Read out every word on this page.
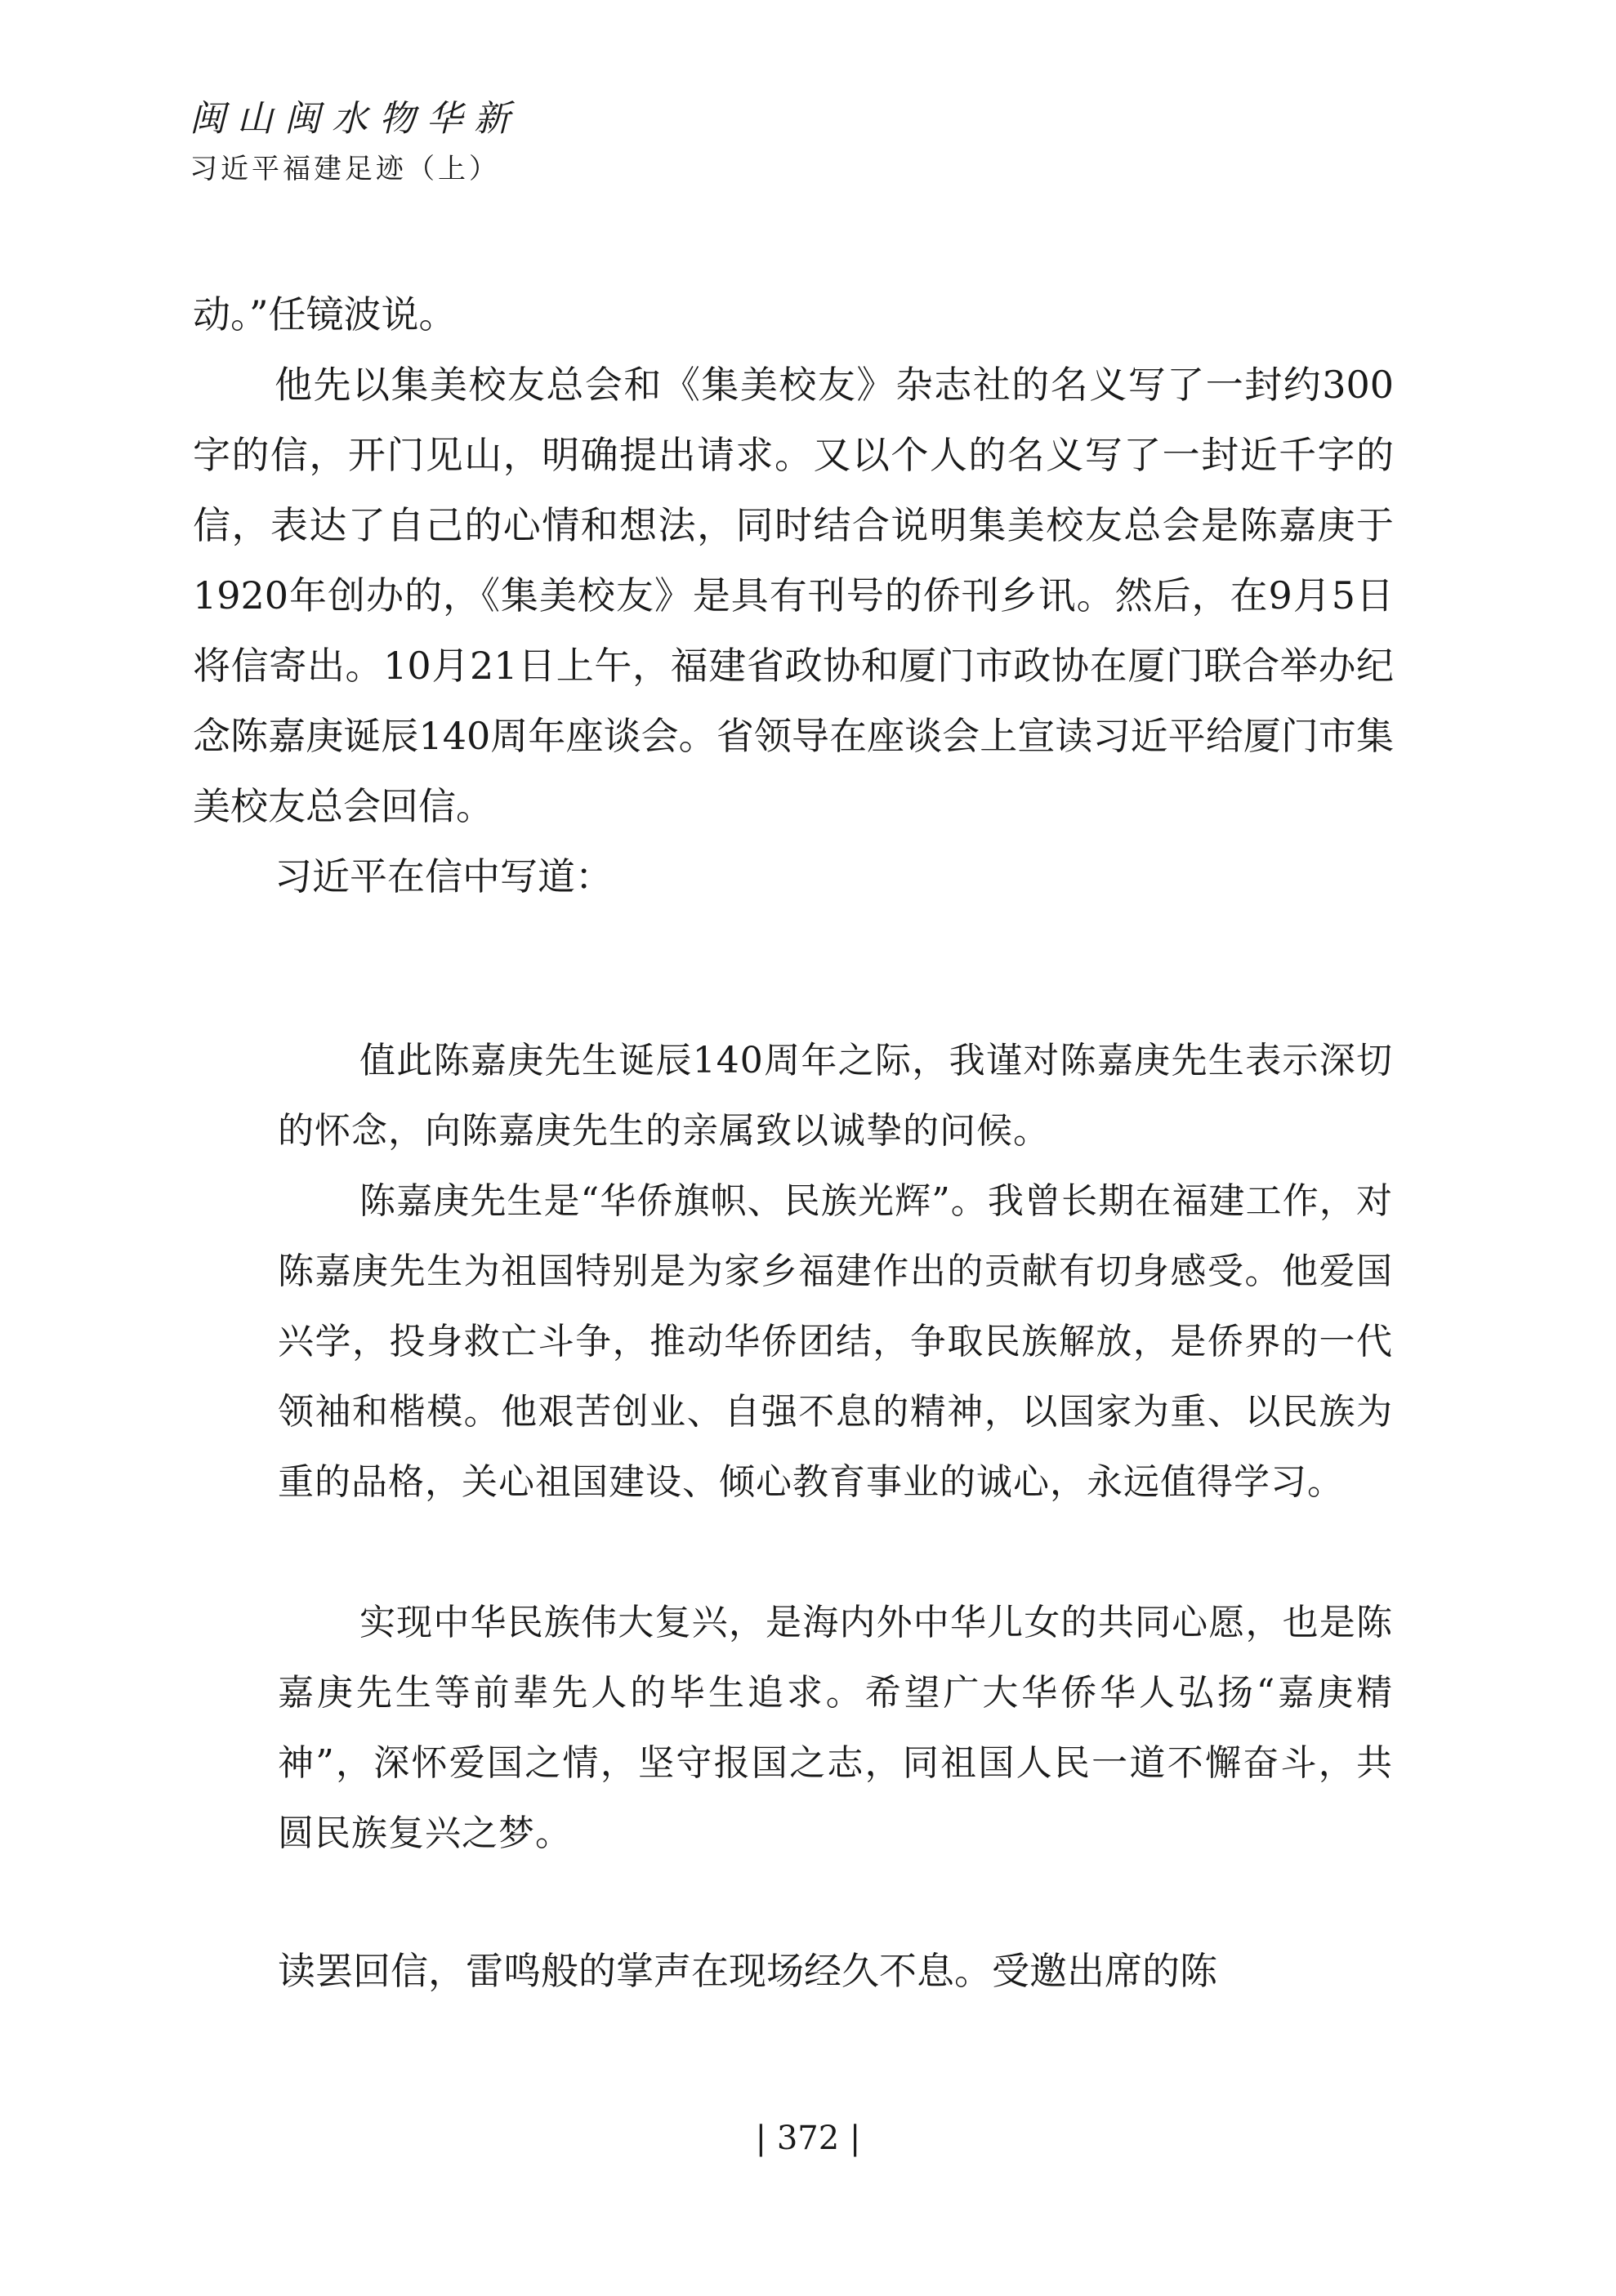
闽山闽水物华新
习近平福建足迹（上）

动。”任镜波说。

他先以集美校友总会和《集美校友》杂志社的名义写了一封约300字的信，开门见山，明确提出请求。又以个人的名义写了一封近千字的信，表达了自己的心情和想法，同时结合说明集美校友总会是陈嘉庚于1920年创办的，《集美校友》是具有刊号的侨刊乡讯。然后，在9月5日将信寄出。10月21日上午，福建省政协和厦门市政协在厦门联合举办纪念陈嘉庚诞辰140周年座谈会。省领导在座谈会上宣读习近平给厦门市集美校友总会回信。

习近平在信中写道：

值此陈嘉庚先生诞辰140周年之际，我谨对陈嘉庚先生表示深切的怀念，向陈嘉庚先生的亲属致以诚挚的问候。

陈嘉庚先生是“华侨旗帜、民族光辉”。我曾长期在福建工作，对陈嘉庚先生为祖国特别是为家乡福建作出的贡献有切身感受。他爱国兴学，投身救亡斗争，推动华侨团结，争取民族解放，是侨界的一代领袖和楷模。他艰苦创业、自强不息的精神，以国家为重、以民族为重的品格，关心祖国建设、倾心教育事业的诚心，永远值得学习。

实现中华民族伟大复兴，是海内外中华儿女的共同心愿，也是陈嘉庚先生等前辈先人的毕生追求。希望广大华侨华人弘扬“嘉庚精神”，深怀爱国之情，坚守报国之志，同祖国人民一道不懈奋斗，共圆民族复兴之梦。

读罢回信，雷鸣般的掌声在现场经久不息。受邀出席的陈

| 372 |
